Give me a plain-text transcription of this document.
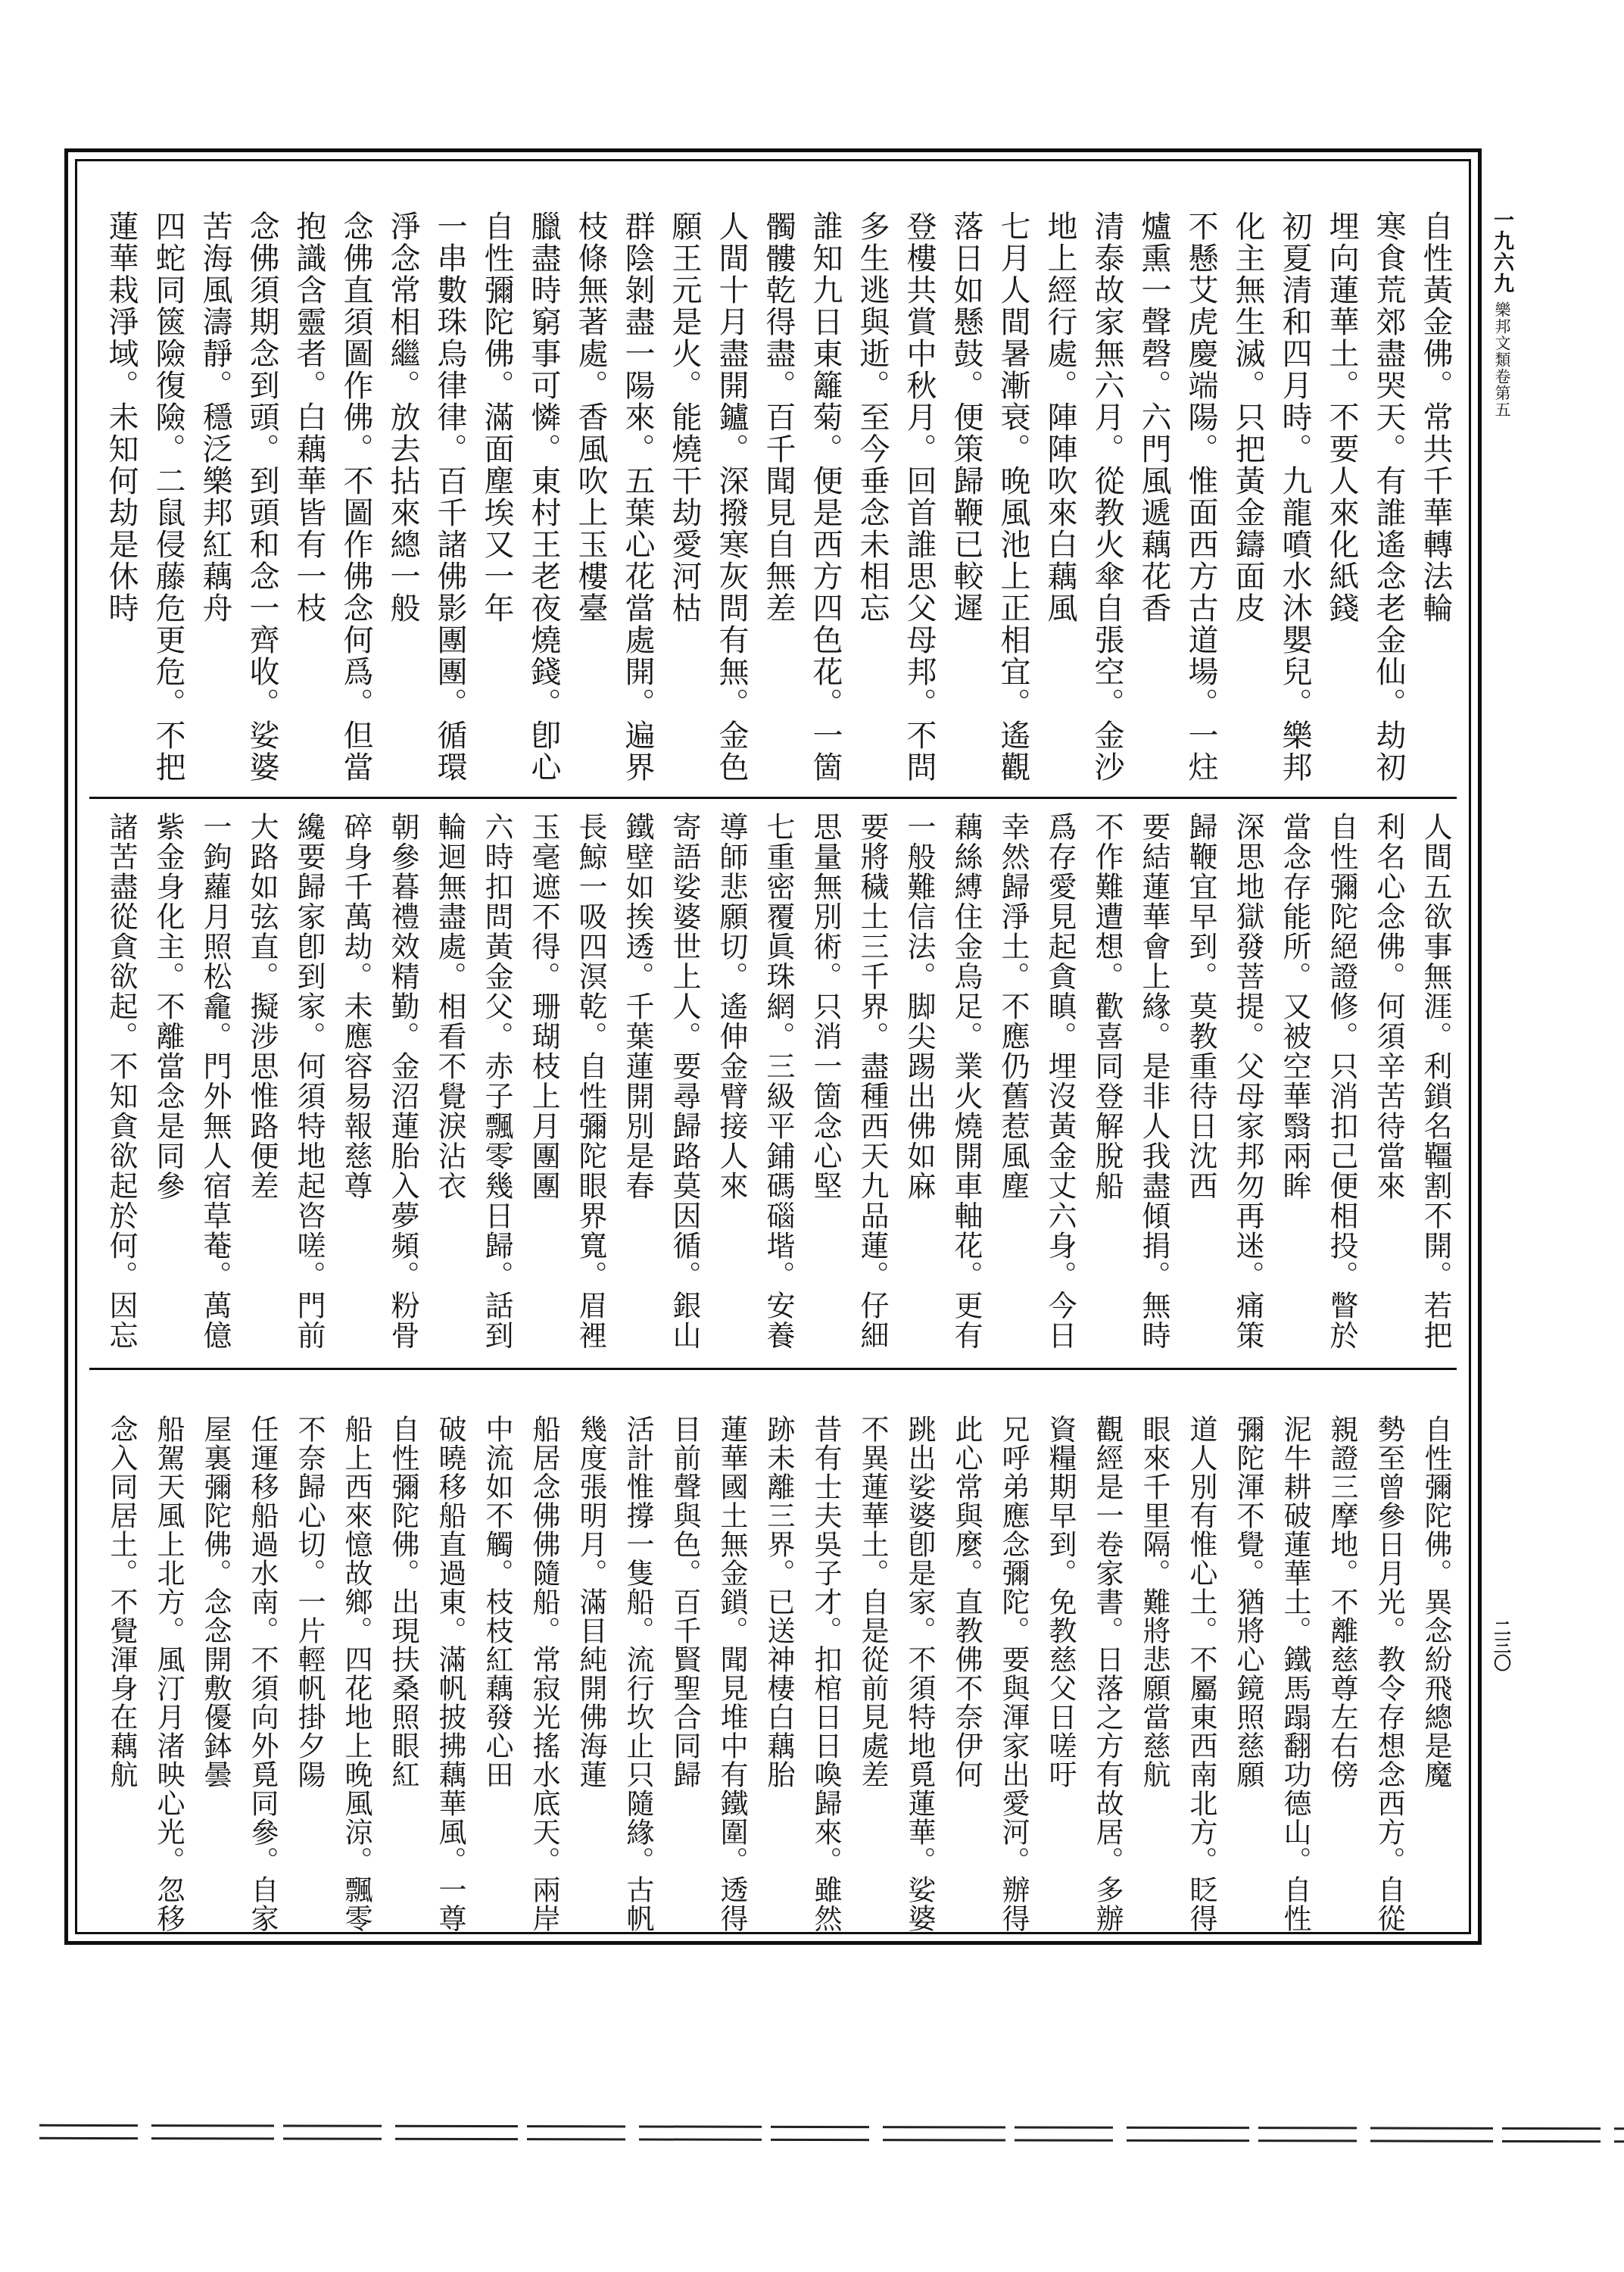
自性黃金佛。常共千華轉法輪
寒食荒郊盡哭天。有誰遙念老金仙。劫初
埋向蓮華土。不要人來化紙錢
初夏清和四月時。九龍噴水沐嬰兒。樂邦
化主無生滅。只把黃金鑄面皮
不懸艾虎慶端陽。惟面西方古道場。一炷
爐熏一聲磬。六門風遞藕花香
清泰故家無六月。從教火傘自張空。金沙
地上經行處。陣陣吹來白藕風
七月人間暑漸衰。晚風池上正相宜。遙觀
落日如懸鼓。便策歸鞭已較遲
登樓共賞中秋月。回首誰思父母邦。不問
多生逃與逝。至今垂念未相忘
誰知九日東籬菊。便是西方四色花。一箇
髑髏乾得盡。百千聞見自無差
人間十月盡開鑪。深撥寒灰問有無。金色
願王元是火。能燒干劫愛河枯
群陰剝盡一陽來。五葉心花當處開。遍界
枝條無著處。香風吹上玉樓臺
臘盡時窮事可憐。東村王老夜燒錢。卽心
自性彌陀佛。滿面塵埃又一年
一串數珠烏律律。百千諸佛影團團。循環
淨念常相繼。放去拈來總一般
念佛直須圖作佛。不圖作佛念何爲。但當
抱識含靈者。白藕華皆有一枝
念佛須期念到頭。到頭和念一齊收。娑婆
苦海風濤靜。穩泛樂邦紅藕舟
四蛇同篋險復險。二鼠侵藤危更危。不把
蓮華栽淨域。未知何劫是休時
人間五欲事無涯。利鎖名韁割不開。若把
利名心念佛。何須辛苦待當來
自性彌陀絕證修。只消扣己便相投。瞥於
當念存能所。又被空華翳兩眸
深思地獄發菩提。父母家邦勿再迷。痛策
歸鞭宜早到。莫教重待日沈西
要結蓮華會上緣。是非人我盡傾捐。無時
不作難遭想。歡喜同登解脫船
爲存愛見起貪瞋。埋沒黃金丈六身。今日
幸然歸淨土。不應仍舊惹風塵
藕絲縛住金烏足。業火燒開車軸花。更有
一般難信法。脚尖踢出佛如麻
要將穢土三千界。盡種西天九品蓮。仔細
思量無別術。只消一箇念心堅
七重密覆眞珠網。三級平鋪碼碯堦。安養
導師悲願切。遙伸金臂接人來
寄語娑婆世上人。要尋歸路莫因循。銀山
鐵壁如挨透。千葉蓮開別是春
長鯨一吸四溟乾。自性彌陀眼界寬。眉裡
玉毫遮不得。珊瑚枝上月團團
六時扣問黃金父。赤子飄零幾日歸。話到
輪迴無盡處。相看不覺淚沾衣
朝參暮禮效精勤。金沼蓮胎入夢頻。粉骨
碎身千萬劫。未應容易報慈尊
纔要歸家卽到家。何須特地起咨嗟。門前
大路如弦直。擬涉思惟路便差
一鉤蘿月照松龕。門外無人宿草菴。萬億
紫金身化主。不離當念是同參
諸苦盡從貪欲起。不知貪欲起於何。因忘
自性彌陀佛。異念紛飛總是魔
勢至曾參日月光。教令存想念西方。自從
親證三摩地。不離慈尊左右傍
泥牛耕破蓮華土。鐵馬蹋翻功德山。自性
彌陀渾不覺。猶將心鏡照慈願
道人別有惟心土。不屬東西南北方。眨得
眼來千里隔。難將悲願當慈航
觀經是一卷家書。日落之方有故居。多辦
資糧期早到。免教慈父日嗟吁
兄呼弟應念彌陀。要與渾家出愛河。辦得
此心常與麼。直教佛不奈伊何
跳出娑婆卽是家。不須特地覓蓮華。娑婆
不異蓮華土。自是從前見處差
昔有士夫吳子才。扣棺日日喚歸來。雖然
跡未離三界。已送神棲白藕胎
蓮華國土無金鎖。聞見堆中有鐵圍。透得
目前聲與色。百千賢聖合同歸
活計惟撐一隻船。流行坎止只隨緣。古帆
幾度張明月。滿目純開佛海蓮
船居念佛佛隨船。常寂光搖水底天。兩岸
中流如不觸。枝枝紅藕發心田
破曉移船直過東。滿帆披拂藕華風。一尊
自性彌陀佛。出現扶桑照眼紅
船上西來憶故鄉。四花地上晚風涼。飄零
不奈歸心切。一片輕帆掛夕陽
任運移船過水南。不須向外覓同參。自家
屋裏彌陀佛。念念開敷優鉢曇
船駕天風上北方。風汀月渚映心光。忽移
念入同居土。不覺渾身在藕航
一九六九
樂邦文類卷第五
二三〇
